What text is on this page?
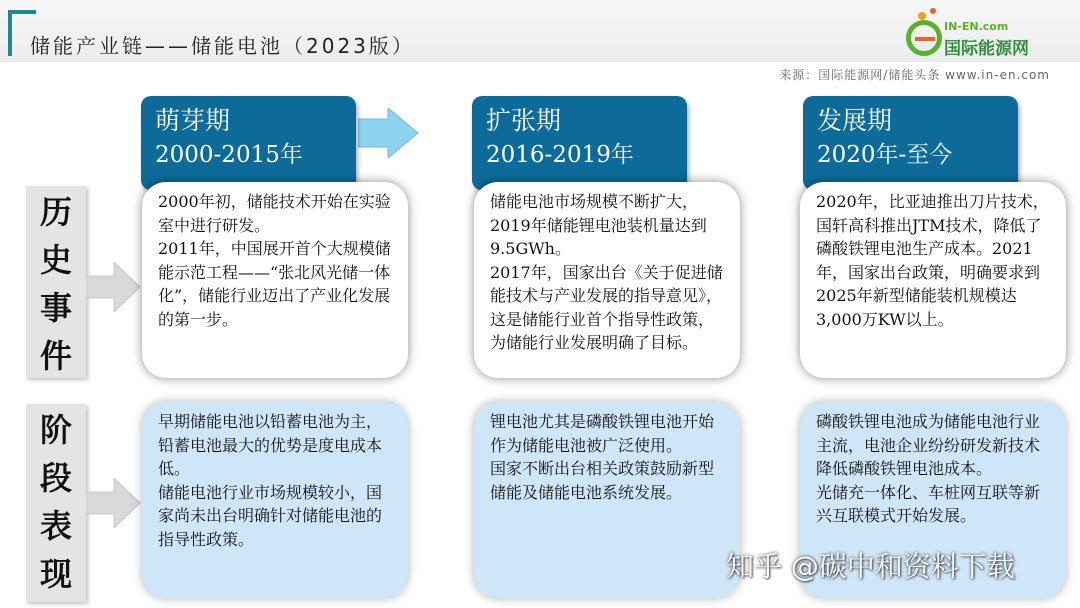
储能产业链——储能电池（2023版）
IN-EN.com
国际能源网
来源：国际能源网/储能头条 www.in-en.com
历
史
事
件
阶
段
表
现
萌芽期
2000-2015年
扩张期
2016-2019年
发展期
2020年-至今

2000年初，储能技术开始在实验室中进行研发。

2011年，中国展开首个大规模储能示范工程——“张北风光储一体化”，储能行业迈出了产业化发展的第一步。

储能电池市场规模不断扩大，2019年储能锂电池装机量达到9.5GWh。

2017年，国家出台《关于促进储能技术与产业发展的指导意见》，这是储能行业首个指导性政策，为储能行业发展明确了目标。

2020年，比亚迪推出刀片技术，国轩高科推出JTM技术，降低了磷酸铁锂电池生产成本。2021年，国家出台政策，明确要求到2025年新型储能装机规模达3,000万KW以上。

早期储能电池以铅蓄电池为主，铅蓄电池最大的优势是度电成本低。

储能电池行业市场规模较小，国家尚未出台明确针对储能电池的指导性政策。

锂电池尤其是磷酸铁锂电池开始作为储能电池被广泛使用。

国家不断出台相关政策鼓励新型储能及储能电池系统发展。

磷酸铁锂电池成为储能电池行业主流，电池企业纷纷研发新技术降低磷酸铁锂电池成本。

光储充一体化、车桩网互联等新兴互联模式开始发展。

知乎 @碳中和资料下载
